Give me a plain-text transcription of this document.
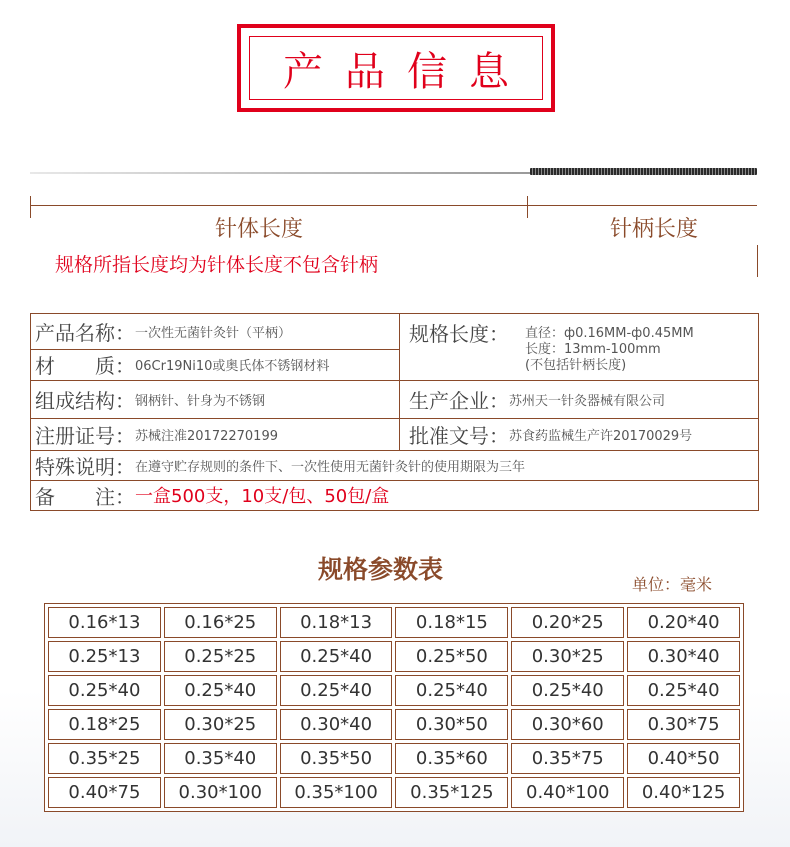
产品信息
针体长度	针柄长度
规格所指长度均为针体长度不包含针柄
产品名称： 一次性无菌针灸针（平柄）
材　　质： 06Cr19Ni10或奥氏体不锈钢材料
规格长度： 直径：ф0.16MM-ф0.45MM
长度：13mm-100mm
(不包括针柄长度)
组成结构： 钢柄针、针身为不锈钢	生产企业： 苏州天一针灸器械有限公司
注册证号： 苏械注准20172270199	批准文号： 苏食药监械生产许20170029号
特殊说明： 在遵守贮存规则的条件下、一次性使用无菌针灸针的使用期限为三年
备　　注： 一盒500支，10支/包、50包/盒
规格参数表
单位：毫米
0.16*13	0.16*25	0.18*13	0.18*15	0.20*25	0.20*40
0.25*13	0.25*25	0.25*40	0.25*50	0.30*25	0.30*40
0.25*40	0.25*40	0.25*40	0.25*40	0.25*40	0.25*40
0.18*25	0.30*25	0.30*40	0.30*50	0.30*60	0.30*75
0.35*25	0.35*40	0.35*50	0.35*60	0.35*75	0.40*50
0.40*75	0.30*100	0.35*100	0.35*125	0.40*100	0.40*125
